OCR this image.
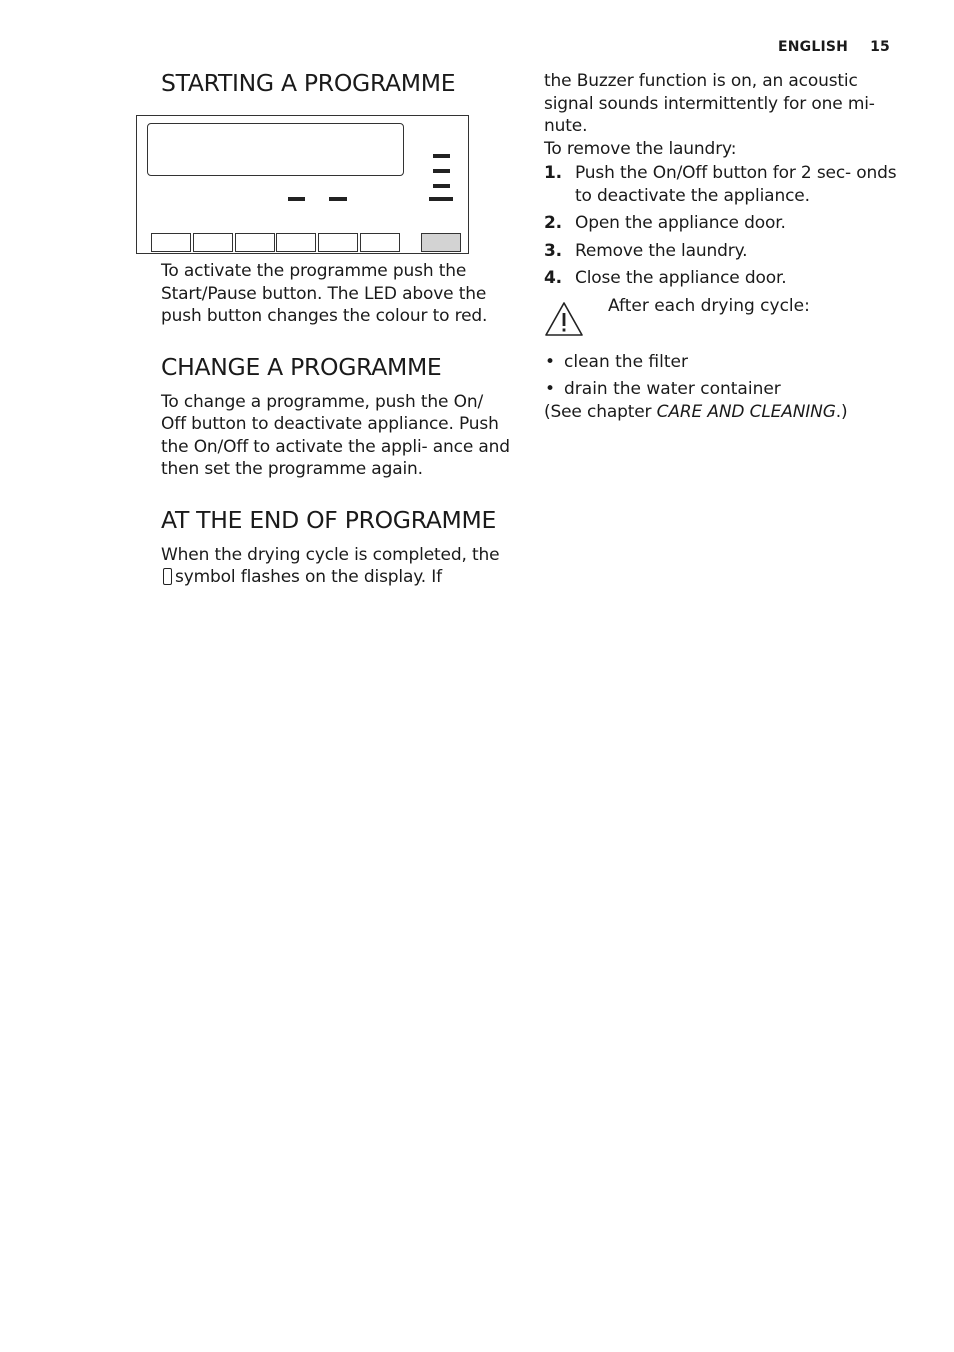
ENGLISH 15
STARTING A PROGRAMME

To activate the programme push the Start/Pause button. The LED above the push button changes the colour to red.

CHANGE A PROGRAMME

To change a programme, push the On/ Off button to deactivate appliance. Push the On/Off to activate the appli- ance and then set the programme again.

AT THE END OF PROGRAMME

When the drying cycle is completed, the symbol flashes on the display. If

the Buzzer function is on, an acoustic signal sounds intermittently for one mi- nute.

To remove the laundry:

1. Push the On/Off button for 2 sec- onds to deactivate the appliance.
2. Open the appliance door.
3. Remove the laundry.
4. Close the appliance door.
After each drying cycle:
• clean the filter
• drain the water container

(See chapter CARE AND CLEANING.)
